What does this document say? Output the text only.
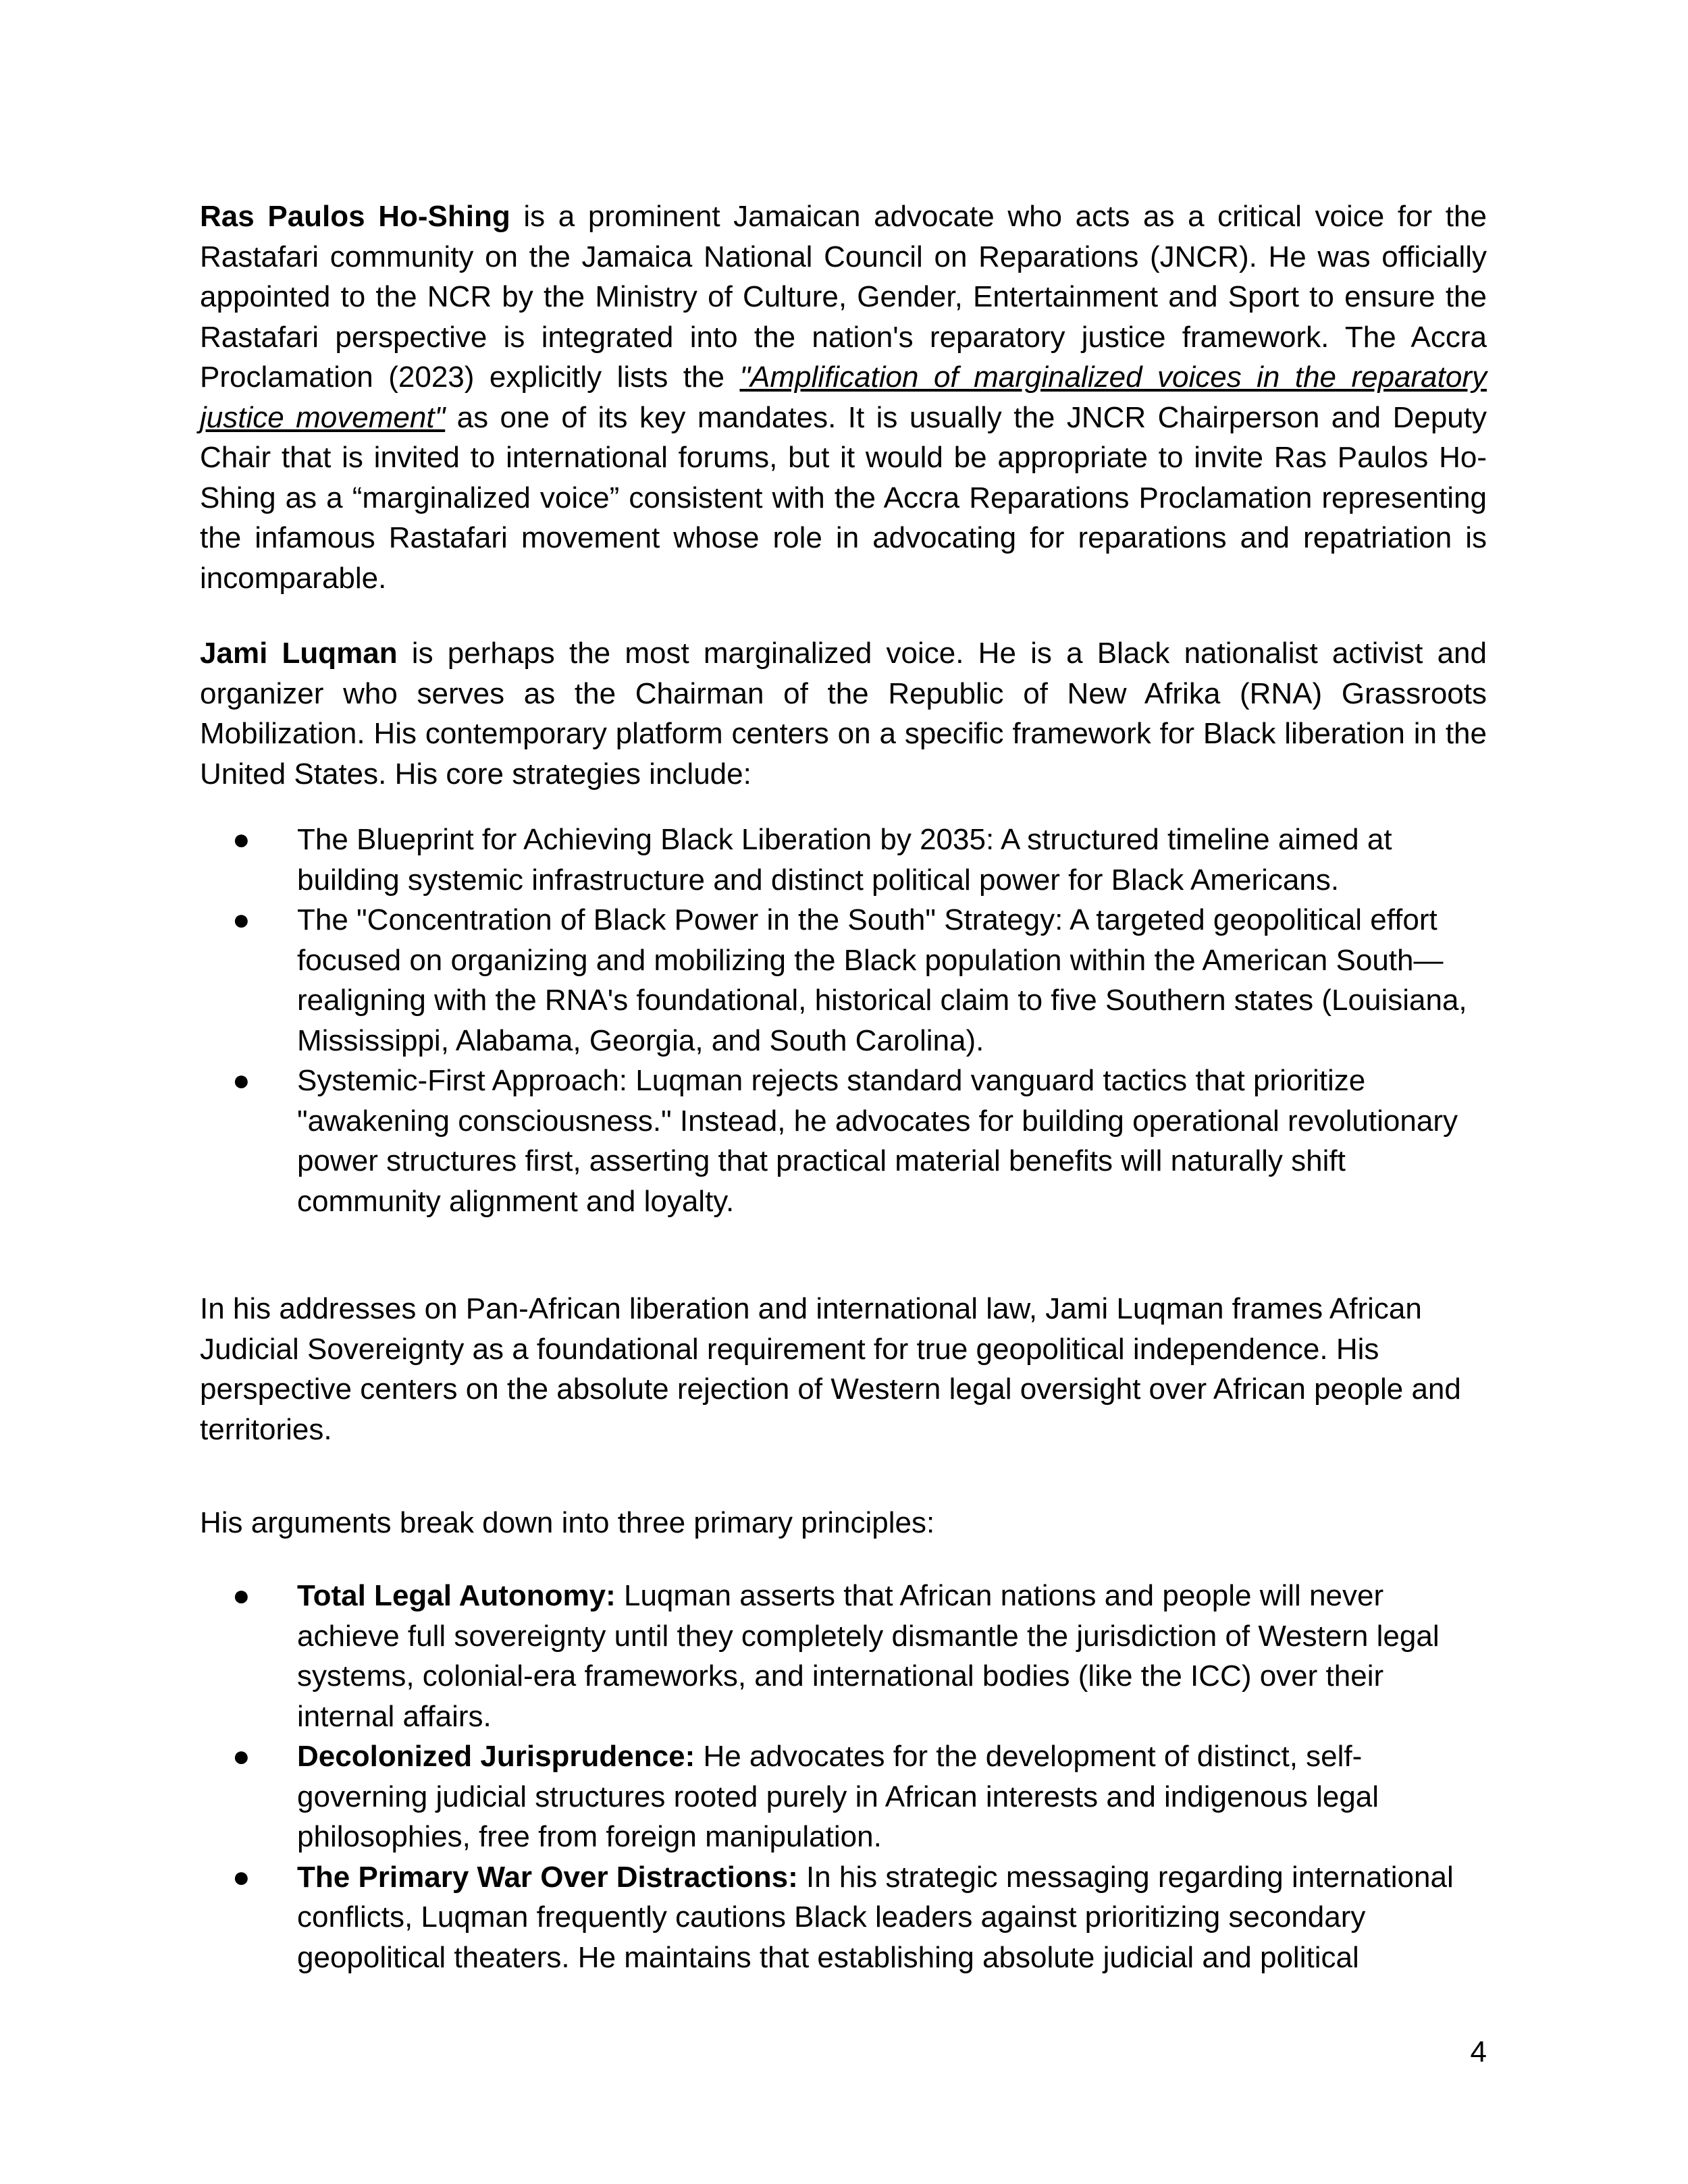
Ras Paulos Ho-Shing is a prominent Jamaican advocate who acts as a critical voice for the Rastafari community on the Jamaica National Council on Reparations (JNCR). He was officially appointed to the NCR by the Ministry of Culture, Gender, Entertainment and Sport to ensure the Rastafari perspective is integrated into the nation's reparatory justice framework. The Accra Proclamation (2023) explicitly lists the "Amplification of marginalized voices in the reparatory justice movement" as one of its key mandates. It is usually the JNCR Chairperson and Deputy Chair that is invited to international forums, but it would be appropriate to invite Ras Paulos Ho-Shing as a “marginalized voice” consistent with the Accra Reparations Proclamation representing the infamous Rastafari movement whose role in advocating for reparations and repatriation is incomparable.

Jami Luqman is perhaps the most marginalized voice. He is a Black nationalist activist and organizer who serves as the Chairman of the Republic of New Afrika (RNA) Grassroots Mobilization. His contemporary platform centers on a specific framework for Black liberation in the United States. His core strategies include:

● The Blueprint for Achieving Black Liberation by 2035: A structured timeline aimed at building systemic infrastructure and distinct political power for Black Americans.
● The "Concentration of Black Power in the South" Strategy: A targeted geopolitical effort focused on organizing and mobilizing the Black population within the American South—realigning with the RNA's foundational, historical claim to five Southern states (Louisiana, Mississippi, Alabama, Georgia, and South Carolina).
● Systemic-First Approach: Luqman rejects standard vanguard tactics that prioritize "awakening consciousness." Instead, he advocates for building operational revolutionary power structures first, asserting that practical material benefits will naturally shift community alignment and loyalty.

In his addresses on Pan-African liberation and international law, Jami Luqman frames African Judicial Sovereignty as a foundational requirement for true geopolitical independence. His perspective centers on the absolute rejection of Western legal oversight over African people and territories.

His arguments break down into three primary principles:

● Total Legal Autonomy: Luqman asserts that African nations and people will never achieve full sovereignty until they completely dismantle the jurisdiction of Western legal systems, colonial-era frameworks, and international bodies (like the ICC) over their internal affairs.
● Decolonized Jurisprudence: He advocates for the development of distinct, self-governing judicial structures rooted purely in African interests and indigenous legal philosophies, free from foreign manipulation.
● The Primary War Over Distractions: In his strategic messaging regarding international conflicts, Luqman frequently cautions Black leaders against prioritizing secondary geopolitical theaters. He maintains that establishing absolute judicial and political
4
